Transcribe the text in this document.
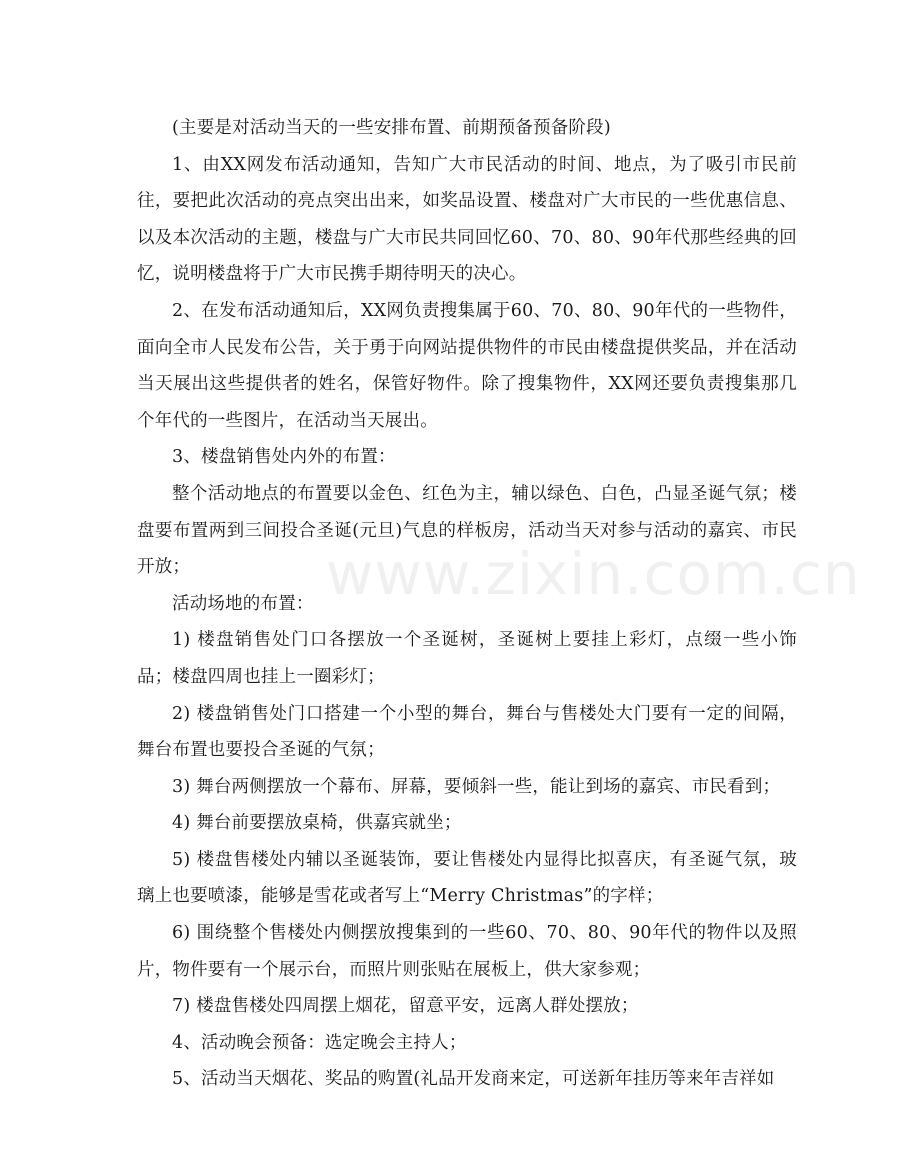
(主要是对活动当天的一些安排布置、前期预备预备阶段)

1、由XX网发布活动通知，告知广大市民活动的时间、地点，为了吸引市民前往，要把此次活动的亮点突出出来，如奖品设置、楼盘对广大市民的一些优惠信息、以及本次活动的主题，楼盘与广大市民共同回忆60、70、80、90年代那些经典的回忆，说明楼盘将于广大市民携手期待明天的决心。

2、在发布活动通知后，XX网负责搜集属于60、70、80、90年代的一些物件，面向全市人民发布公告，关于勇于向网站提供物件的市民由楼盘提供奖品，并在活动当天展出这些提供者的姓名，保管好物件。除了搜集物件，XX网还要负责搜集那几个年代的一些图片，在活动当天展出。

3、楼盘销售处内外的布置：

整个活动地点的布置要以金色、红色为主，辅以绿色、白色，凸显圣诞气氛；楼盘要布置两到三间投合圣诞(元旦)气息的样板房，活动当天对参与活动的嘉宾、市民开放；

活动场地的布置：

1) 楼盘销售处门口各摆放一个圣诞树，圣诞树上要挂上彩灯，点缀一些小饰品；楼盘四周也挂上一圈彩灯；

2) 楼盘销售处门口搭建一个小型的舞台，舞台与售楼处大门要有一定的间隔，舞台布置也要投合圣诞的气氛；

3) 舞台两侧摆放一个幕布、屏幕，要倾斜一些，能让到场的嘉宾、市民看到；

4) 舞台前要摆放桌椅，供嘉宾就坐；

5) 楼盘售楼处内辅以圣诞装饰，要让售楼处内显得比拟喜庆，有圣诞气氛，玻璃上也要喷漆，能够是雪花或者写上“Merry Christmas”的字样；

6) 围绕整个售楼处内侧摆放搜集到的一些60、70、80、90年代的物件以及照片，物件要有一个展示台，而照片则张贴在展板上，供大家参观；

7) 楼盘售楼处四周摆上烟花，留意平安，远离人群处摆放；

4、活动晚会预备：选定晚会主持人；

5、活动当天烟花、奖品的购置(礼品开发商来定，可送新年挂历等来年吉祥如

www.zixin.com.cn
